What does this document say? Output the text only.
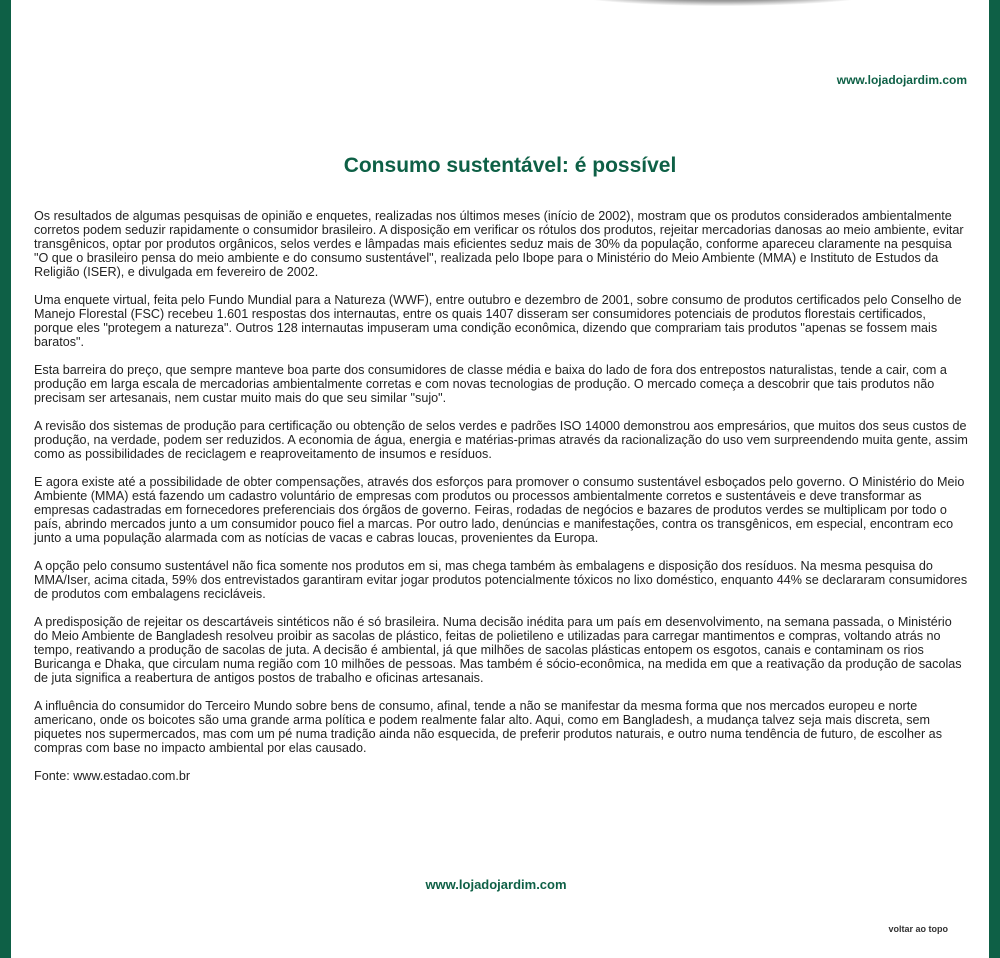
www.lojadojardim.com
Consumo sustentável: é possível

Os resultados de algumas pesquisas de opinião e enquetes, realizadas nos últimos meses (início de 2002), mostram que os produtos considerados ambientalmente corretos podem seduzir rapidamente o consumidor brasileiro. A disposição em verificar os rótulos dos produtos, rejeitar mercadorias danosas ao meio ambiente, evitar transgênicos, optar por produtos orgânicos, selos verdes e lâmpadas mais eficientes seduz mais de 30% da população, conforme apareceu claramente na pesquisa "O que o brasileiro pensa do meio ambiente e do consumo sustentável", realizada pelo Ibope para o Ministério do Meio Ambiente (MMA) e Instituto de Estudos da Religião (ISER), e divulgada em fevereiro de 2002.

Uma enquete virtual, feita pelo Fundo Mundial para a Natureza (WWF), entre outubro e dezembro de 2001, sobre consumo de produtos certificados pelo Conselho de Manejo Florestal (FSC) recebeu 1.601 respostas dos internautas, entre os quais 1407 disseram ser consumidores potenciais de produtos florestais certificados, porque eles "protegem a natureza". Outros 128 internautas impuseram uma condição econômica, dizendo que comprariam tais produtos "apenas se fossem mais baratos".

Esta barreira do preço, que sempre manteve boa parte dos consumidores de classe média e baixa do lado de fora dos entrepostos naturalistas, tende a cair, com a produção em larga escala de mercadorias ambientalmente corretas e com novas tecnologias de produção. O mercado começa a descobrir que tais produtos não precisam ser artesanais, nem custar muito mais do que seu similar "sujo".

A revisão dos sistemas de produção para certificação ou obtenção de selos verdes e padrões ISO 14000 demonstrou aos empresários, que muitos dos seus custos de produção, na verdade, podem ser reduzidos. A economia de água, energia e matérias-primas através da racionalização do uso vem surpreendendo muita gente, assim como as possibilidades de reciclagem e reaproveitamento de insumos e resíduos.

E agora existe até a possibilidade de obter compensações, através dos esforços para promover o consumo sustentável esboçados pelo governo. O Ministério do Meio Ambiente (MMA) está fazendo um cadastro voluntário de empresas com produtos ou processos ambientalmente corretos e sustentáveis e deve transformar as empresas cadastradas em fornecedores preferenciais dos órgãos de governo. Feiras, rodadas de negócios e bazares de produtos verdes se multiplicam por todo o país, abrindo mercados junto a um consumidor pouco fiel a marcas. Por outro lado, denúncias e manifestações, contra os transgênicos, em especial, encontram eco junto a uma população alarmada com as notícias de vacas e cabras loucas, provenientes da Europa.

A opção pelo consumo sustentável não fica somente nos produtos em si, mas chega também às embalagens e disposição dos resíduos. Na mesma pesquisa do MMA/Iser, acima citada, 59% dos entrevistados garantiram evitar jogar produtos potencialmente tóxicos no lixo doméstico, enquanto 44% se declararam consumidores de produtos com embalagens recicláveis.

A predisposição de rejeitar os descartáveis sintéticos não é só brasileira. Numa decisão inédita para um país em desenvolvimento, na semana passada, o Ministério do Meio Ambiente de Bangladesh resolveu proibir as sacolas de plástico, feitas de polietileno e utilizadas para carregar mantimentos e compras, voltando atrás no tempo, reativando a produção de sacolas de juta. A decisão é ambiental, já que milhões de sacolas plásticas entopem os esgotos, canais e contaminam os rios Buricanga e Dhaka, que circulam numa região com 10 milhões de pessoas. Mas também é sócio-econômica, na medida em que a reativação da produção de sacolas de juta significa a reabertura de antigos postos de trabalho e oficinas artesanais.

A influência do consumidor do Terceiro Mundo sobre bens de consumo, afinal, tende a não se manifestar da mesma forma que nos mercados europeu e norte americano, onde os boicotes são uma grande arma política e podem realmente falar alto. Aqui, como em Bangladesh, a mudança talvez seja mais discreta, sem piquetes nos supermercados, mas com um pé numa tradição ainda não esquecida, de preferir produtos naturais, e outro numa tendência de futuro, de escolher as compras com base no impacto ambiental por elas causado.

Fonte: www.estadao.com.br

www.lojadojardim.com
voltar ao topo
